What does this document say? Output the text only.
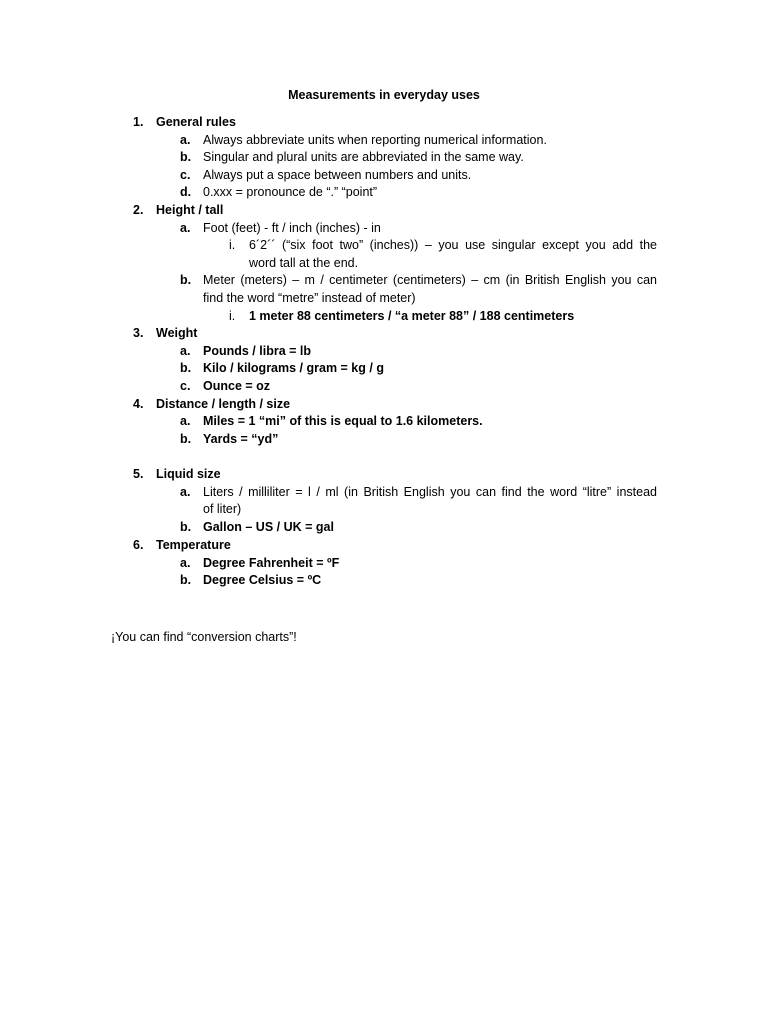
Measurements in everyday uses
1. General rules
a. Always abbreviate units when reporting numerical information.
b. Singular and plural units are abbreviated in the same way.
c. Always put a space between numbers and units.
d. 0.xxx = pronounce de “.” “point”
2. Height / tall
a. Foot (feet) - ft / inch (inches) - in
i. 6´2´´ (“six foot two” (inches)) – you use singular except you add the
word tall at the end.
b. Meter (meters) – m / centimeter (centimeters) – cm (in British English you can
find the word “metre” instead of meter)
i. 1 meter 88 centimeters / “a meter 88” / 188 centimeters
3. Weight
a. Pounds / libra = lb
b. Kilo / kilograms / gram = kg / g
c. Ounce = oz
4. Distance / length / size
a. Miles = 1 “mi” of this is equal to 1.6 kilometers.
b. Yards = “yd”
5. Liquid size
a. Liters / milliliter = l / ml (in British English you can find the word “litre” instead
of liter)
b. Gallon – US / UK = gal
6. Temperature
a. Degree Fahrenheit = ºF
b. Degree Celsius = ºC
¡You can find “conversion charts”!
